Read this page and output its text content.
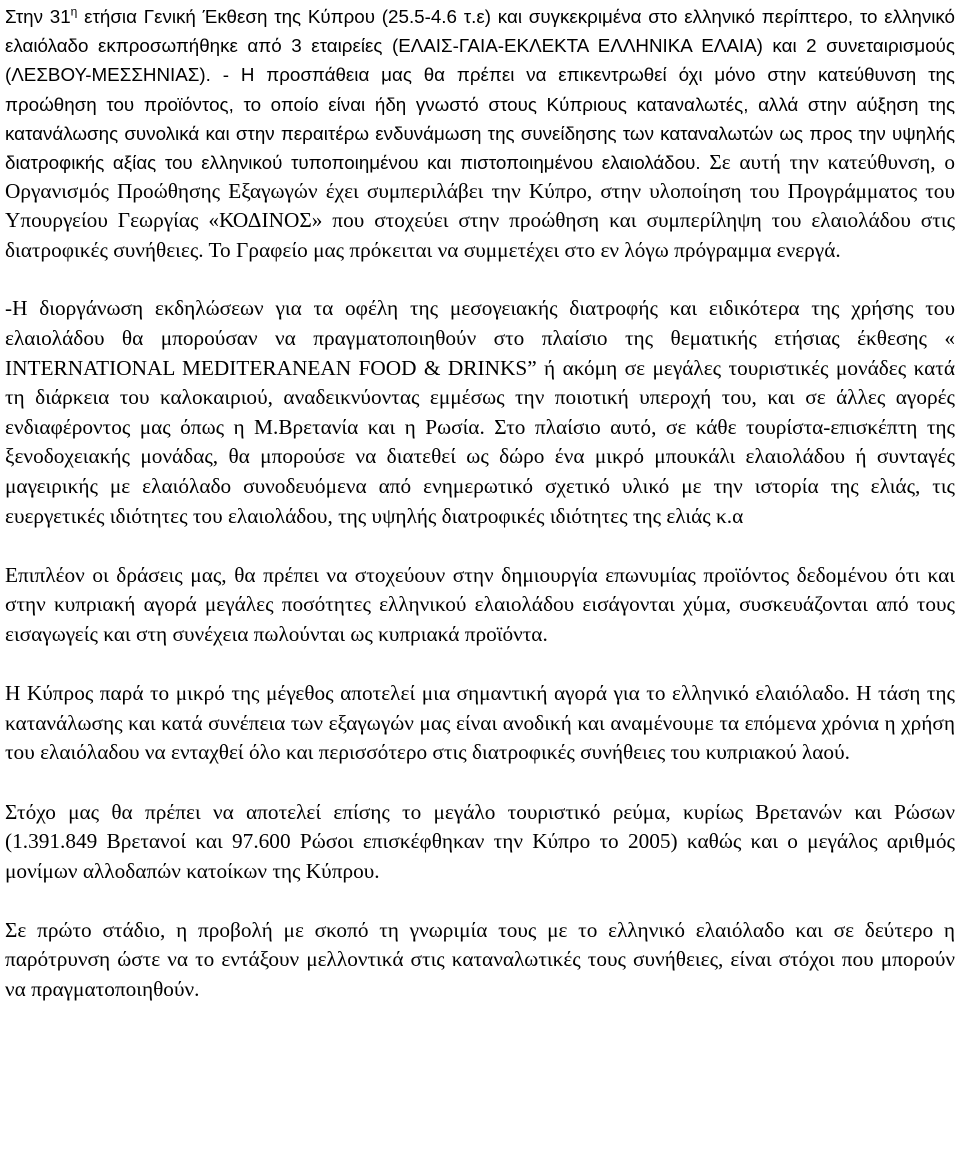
Στην $31^\eta$ ετήσια Γενική Έκθεση της Κύπρου (25.5-4.6 τ.ε) και συγκεκριμένα στο ελληνικό περίπτερο, το ελληνικό ελαιόλαδο εκπροσωπήθηκε από 3 εταιρείες (ΕΛΑΙΣ-ΓΑΙΑ-ΕΚΛΕΚΤΑ ΕΛΛΗΝΙΚΑ ΕΛΑΙΑ) και 2 συνεταιρισμούς (ΛΕΣΒΟΥ-ΜΕΣΣΗΝΙΑΣ). - Η προσπάθεια μας θα πρέπει να επικεντρωθεί όχι μόνο στην κατεύθυνση της προώθηση του προϊόντος, το οποίο είναι ήδη γνωστό στους Κύπριους καταναλωτές, αλλά στην αύξηση της κατανάλωσης συνολικά και στην περαιτέρω ενδυνάμωση της συνείδησης των καταναλωτών ως προς την υψηλής διατροφικής αξίας του ελληνικού τυποποιημένου και πιστοποιημένου ελαιολάδου. Σε αυτή την κατεύθυνση, ο Οργανισμός Προώθησης Εξαγωγών έχει συμπεριλάβει την Κύπρο, στην υλοποίηση του Προγράμματος του Υπουργείου Γεωργίας «ΚΟΔΙΝΟΣ» που στοχεύει στην προώθηση και συμπερίληψη του ελαιολάδου στις διατροφικές συνήθειες. Το Γραφείο μας πρόκειται να συμμετέχει στο εν λόγω πρόγραμμα ενεργά.

-Η διοργάνωση εκδηλώσεων για τα οφέλη της μεσογειακής διατροφής και ειδικότερα της χρήσης του ελαιολάδου θα μπορούσαν να πραγματοποιηθούν στο πλαίσιο της θεματικής ετήσιας έκθεσης « INTERNATIONAL MEDITERANEAN FOOD & DRINKS” ή ακόμη σε μεγάλες τουριστικές μονάδες κατά τη διάρκεια του καλοκαιριού, αναδεικνύοντας εμμέσως την ποιοτική υπεροχή του, και σε άλλες αγορές ενδιαφέροντος μας όπως η Μ.Βρετανία και η Ρωσία. Στο πλαίσιο αυτό, σε κάθε τουρίστα-επισκέπτη της ξενοδοχειακής μονάδας, θα μπορούσε να διατεθεί ως δώρο ένα μικρό μπουκάλι ελαιολάδου ή συνταγές μαγειρικής με ελαιόλαδο συνοδευόμενα από ενημερωτικό σχετικό υλικό με την ιστορία της ελιάς, τις ευεργετικές ιδιότητες του ελαιολάδου, της υψηλής διατροφικές ιδιότητες της ελιάς κ.α

Επιπλέον οι δράσεις μας, θα πρέπει να στοχεύουν στην δημιουργία επωνυμίας προϊόντος δεδομένου ότι και στην κυπριακή αγορά μεγάλες ποσότητες ελληνικού ελαιολάδου εισάγονται χύμα, συσκευάζονται από τους εισαγωγείς και στη συνέχεια πωλούνται ως κυπριακά προϊόντα.

Η Κύπρος παρά το μικρό της μέγεθος αποτελεί μια σημαντική αγορά για το ελληνικό ελαιόλαδο. Η τάση της κατανάλωσης και κατά συνέπεια των εξαγωγών μας είναι ανοδική και αναμένουμε τα επόμενα χρόνια η χρήση του ελαιόλαδου να ενταχθεί όλο και περισσότερο στις διατροφικές συνήθειες του κυπριακού λαού.

Στόχο μας θα πρέπει να αποτελεί επίσης το μεγάλο τουριστικό ρεύμα, κυρίως Βρετανών και Ρώσων (1.391.849 Βρετανοί και 97.600 Ρώσοι επισκέφθηκαν την Κύπρο το 2005) καθώς και ο μεγάλος αριθμός μονίμων αλλοδαπών κατοίκων της Κύπρου.

Σε πρώτο στάδιο, η προβολή με σκοπό τη γνωριμία τους με το ελληνικό ελαιόλαδο και σε δεύτερο η παρότρυνση ώστε να το εντάξουν μελλοντικά στις καταναλωτικές τους συνήθειες, είναι στόχοι που μπορούν να πραγματοποιηθούν.
